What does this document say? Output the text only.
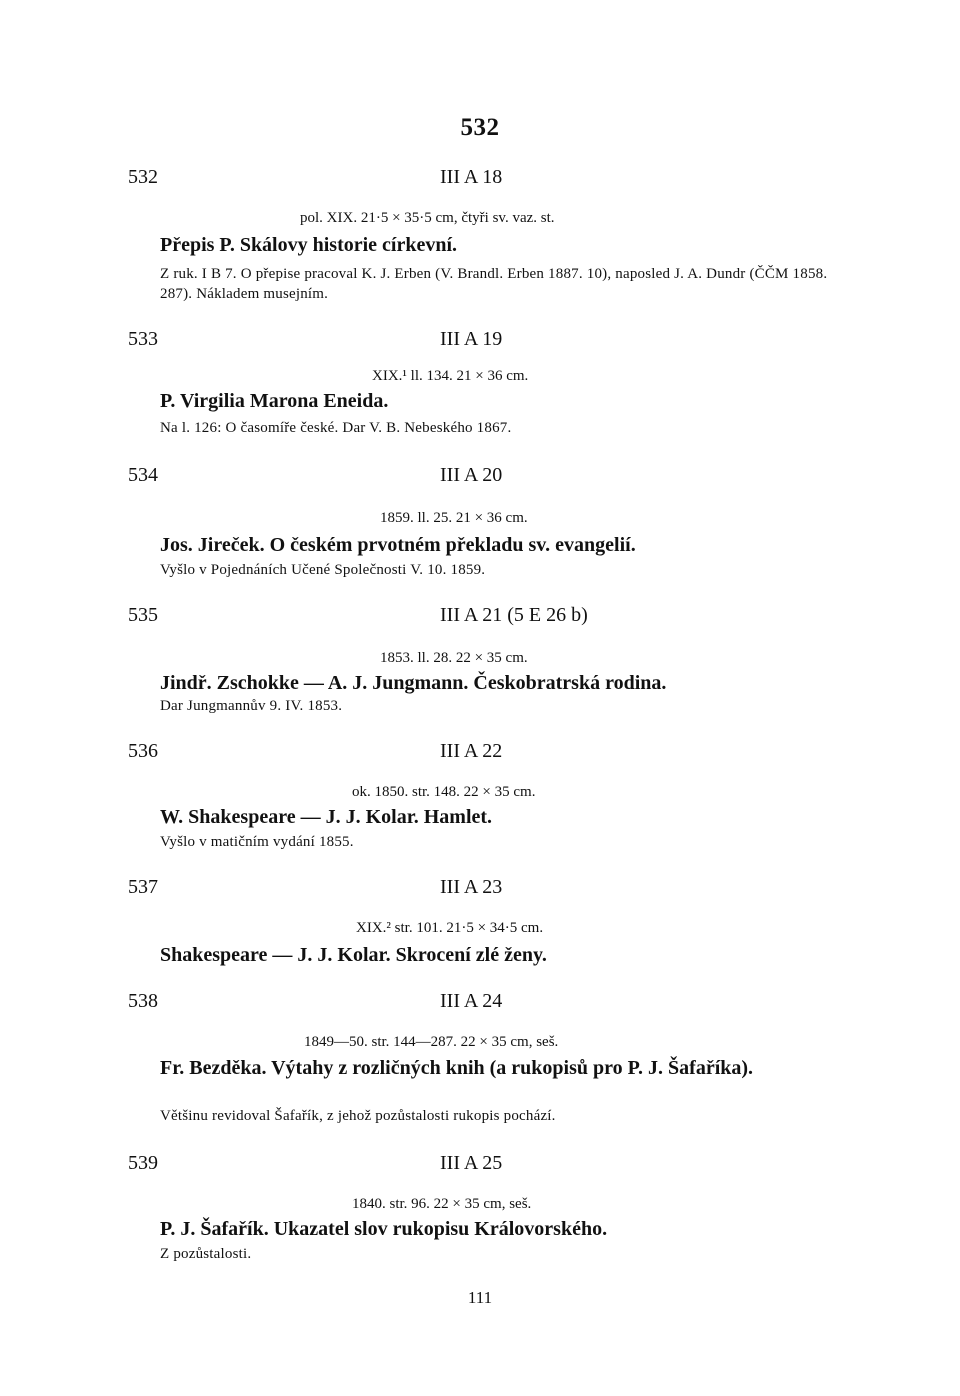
532
532	III A 18
pol. XIX. 21·5 × 35·5 cm, čtyři sv. vaz. st.
Přepis P. Skálovy historie církevní.
Z ruk. I B 7. O přepise pracoval K. J. Erben (V. Brandl. Erben 1887. 10), naposled J. A. Dundr (ČČM 1858. 287). Nákladem musejním.
533	III A 19
XIX.¹ ll. 134. 21 × 36 cm.
P. Virgilia Marona Eneida.
Na l. 126: O časomíře české. Dar V. B. Nebeského 1867.
534	III A 20
1859. ll. 25. 21 × 36 cm.
Jos. Jireček. O českém prvotném překladu sv. evangelií.
Vyšlo v Pojednáních Učené Společnosti V. 10. 1859.
535	III A 21 (5 E 26 b)
1853. ll. 28. 22 × 35 cm.
Jindř. Zschokke — A. J. Jungmann. Českobratrská rodina.
Dar Jungmannův 9. IV. 1853.
536	III A 22
ok. 1850. str. 148. 22 × 35 cm.
W. Shakespeare — J. J. Kolar. Hamlet.
Vyšlo v matičním vydání 1855.
537	III A 23
XIX.² str. 101. 21·5 × 34·5 cm.
Shakespeare — J. J. Kolar. Skrocení zlé ženy.
538	III A 24
1849—50. str. 144—287. 22 × 35 cm, seš.
Fr. Bezděka. Výtahy z rozličných knih (a rukopisů pro P. J. Šafaříka).
Většinu revidoval Šafařík, z jehož pozůstalosti rukopis pochází.
539	III A 25
1840. str. 96. 22 × 35 cm, seš.
P. J. Šafařík. Ukazatel slov rukopisu Královorského.
Z pozůstalosti.
111
